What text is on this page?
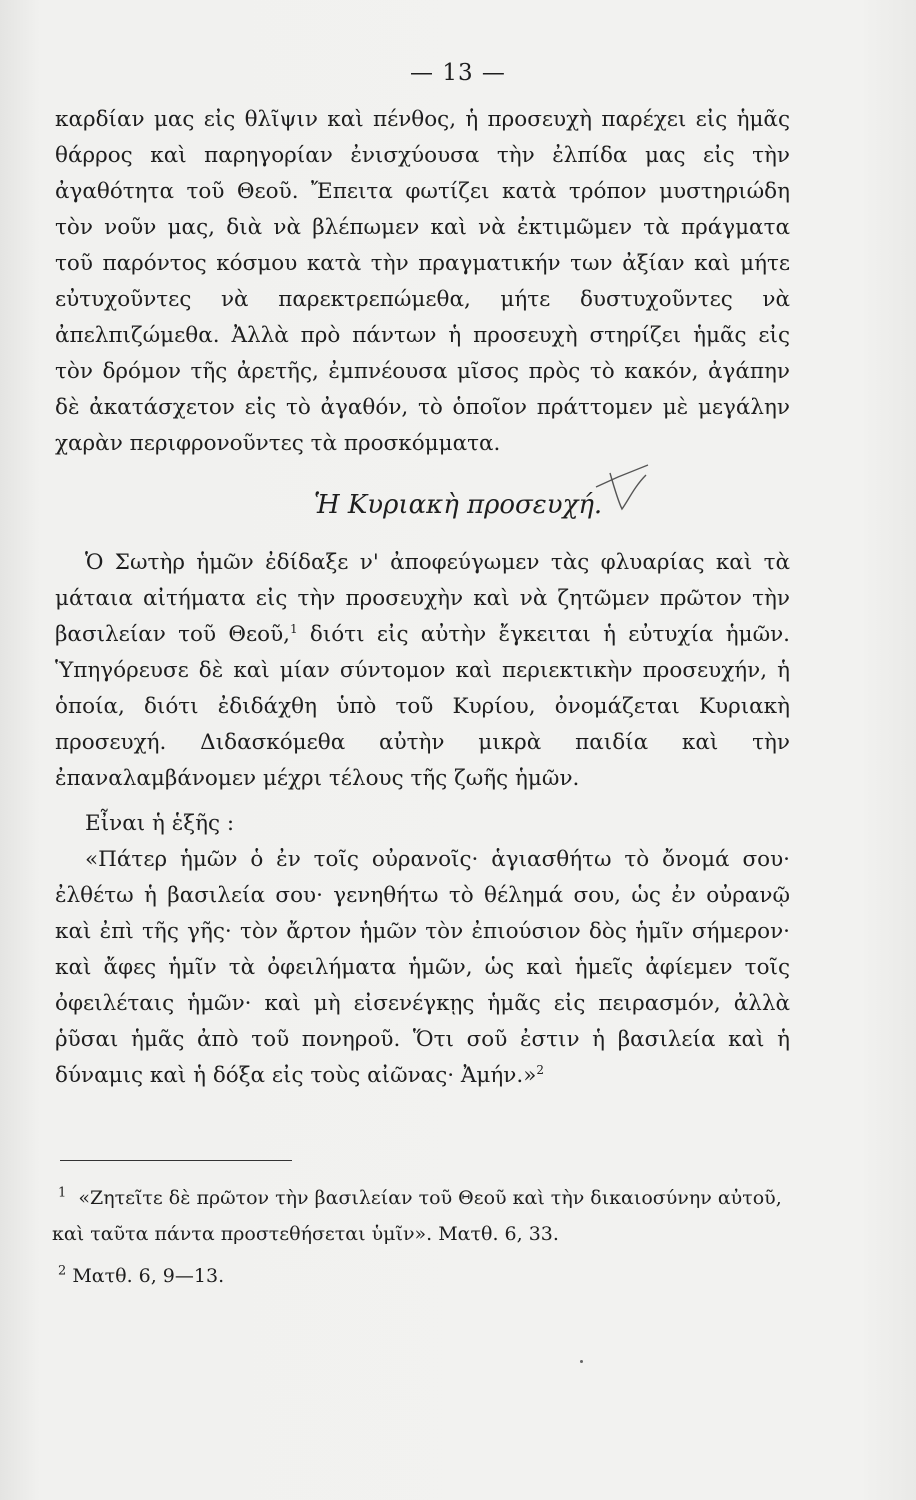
— 13 —

καρδίαν μας εἰς θλῖψιν καὶ πένθος, ἡ προσευχὴ παρέχει εἰς ἡμᾶς θάρρος καὶ παρηγορίαν ἐνισχύουσα τὴν ἐλπίδα μας εἰς τὴν ἀγαθότητα τοῦ Θεοῦ. Ἔπειτα φωτίζει κατὰ τρόπον μυστηριώδη τὸν νοῦν μας, διὰ νὰ βλέπωμεν καὶ νὰ ἐκτιμῶμεν τὰ πράγματα τοῦ παρόντος κόσμου κατὰ τὴν πραγματικήν των ἀξίαν καὶ μήτε εὐτυχοῦντες νὰ παρεκτρεπώμεθα, μήτε δυστυχοῦντες νὰ ἀπελπιζώμεθα. Ἀλλὰ πρὸ πάντων ἡ προσευχὴ στηρίζει ἡμᾶς εἰς τὸν δρόμον τῆς ἀρετῆς, ἐμπνέουσα μῖσος πρὸς τὸ κακόν, ἀγάπην δὲ ἀκατάσχετον εἰς τὸ ἀγαθόν, τὸ ὁποῖον πράττομεν μὲ μεγάλην χαρὰν περιφρονοῦντες τὰ προσκόμματα.

Ἡ Κυριακὴ προσευχή.

Ὁ Σωτὴρ ἡμῶν ἐδίδαξε ν' ἀποφεύγωμεν τὰς φλυαρίας καὶ τὰ μάταια αἰτήματα εἰς τὴν προσευχὴν καὶ νὰ ζητῶμεν πρῶτον τὴν βασιλείαν τοῦ Θεοῦ,$^1$ διότι εἰς αὐτὴν ἔγκειται ἡ εὐτυχία ἡμῶν. Ὑπηγόρευσε δὲ καὶ μίαν σύντομον καὶ περιεκτικὴν προσευχήν, ἡ ὁποία, διότι ἐδιδάχθη ὑπὸ τοῦ Κυρίου, ὀνομάζεται Κυριακὴ προσευχή. Διδασκόμεθα αὐτὴν μικρὰ παιδία καὶ τὴν ἐπαναλαμβάνομεν μέχρι τέλους τῆς ζωῆς ἡμῶν.

Εἶναι ἡ ἑξῆς :

«Πάτερ ἡμῶν ὁ ἐν τοῖς οὐρανοῖς· ἁγιασθήτω τὸ ὄνομά σου· ἐλθέτω ἡ βασιλεία σου· γενηθήτω τὸ θέλημά σου, ὡς ἐν οὐρανῷ καὶ ἐπὶ τῆς γῆς· τὸν ἄρτον ἡμῶν τὸν ἐπιούσιον δὸς ἡμῖν σήμερον· καὶ ἄφες ἡμῖν τὰ ὀφειλήματα ἡμῶν, ὡς καὶ ἡμεῖς ἀφίεμεν τοῖς ὀφειλέταις ἡμῶν· καὶ μὴ εἰσενέγκῃς ἡμᾶς εἰς πειρασμόν, ἀλλὰ ῥῦσαι ἡμᾶς ἀπὸ τοῦ πονηροῦ. Ὅτι σοῦ ἐστιν ἡ βασιλεία καὶ ἡ δύναμις καὶ ἡ δόξα εἰς τοὺς αἰῶνας· Ἀμήν.»$^2$

$^1$ «Ζητεῖτε δὲ πρῶτον τὴν βασιλείαν τοῦ Θεοῦ καὶ τὴν δικαιοσύνην αὐτοῦ, καὶ ταῦτα πάντα προστεθήσεται ὑμῖν». Ματθ. 6, 33.

$^2$ Ματθ. 6, 9—13.
